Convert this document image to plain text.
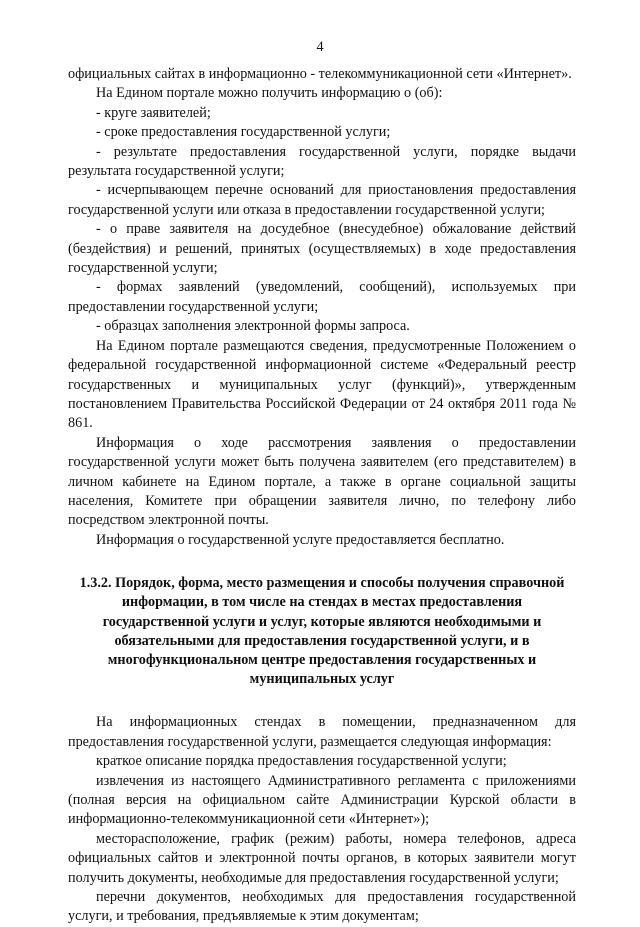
4

официальных сайтах в информационно - телекоммуникационной сети «Интернет».

На Едином портале можно получить информацию о (об):

- круге заявителей;

- сроке предоставления государственной услуги;

- результате предоставления государственной услуги, порядке выдачи результата государственной услуги;

- исчерпывающем перечне оснований для приостановления предоставления государственной услуги или отказа в предоставлении государственной услуги;

- о праве заявителя на досудебное (внесудебное) обжалование действий (бездействия) и решений, принятых (осуществляемых) в ходе предоставления государственной услуги;

- формах заявлений (уведомлений, сообщений), используемых при предоставлении государственной услуги;

- образцах заполнения электронной формы запроса.

На Едином портале размещаются сведения, предусмотренные Положением о федеральной государственной информационной системе «Федеральный реестр государственных и муниципальных услуг (функций)», утвержденным постановлением Правительства Российской Федерации от 24 октября 2011 года № 861.

Информация о ходе рассмотрения заявления о предоставлении государственной услуги может быть получена заявителем (его представителем) в личном кабинете на Едином портале, а также в органе социальной защиты населения, Комитете при обращении заявителя лично, по телефону либо посредством электронной почты.

Информация о государственной услуге предоставляется бесплатно.

1.3.2. Порядок, форма, место размещения и способы получения справочной информации, в том числе на стендах в местах предоставления государственной услуги и услуг, которые являются необходимыми и обязательными для предоставления государственной услуги, и в многофункциональном центре предоставления государственных и муниципальных услуг

На информационных стендах в помещении, предназначенном для предоставления государственной услуги, размещается следующая информация:

краткое описание порядка предоставления государственной услуги;

извлечения из настоящего Административного регламента с приложениями (полная версия на официальном сайте Администрации Курской области в информационно-телекоммуникационной сети «Интернет»);

месторасположение, график (режим) работы, номера телефонов, адреса официальных сайтов и электронной почты органов, в которых заявители могут получить документы, необходимые для предоставления государственной услуги;

перечни документов, необходимых для предоставления государственной услуги, и требования, предъявляемые к этим документам;
